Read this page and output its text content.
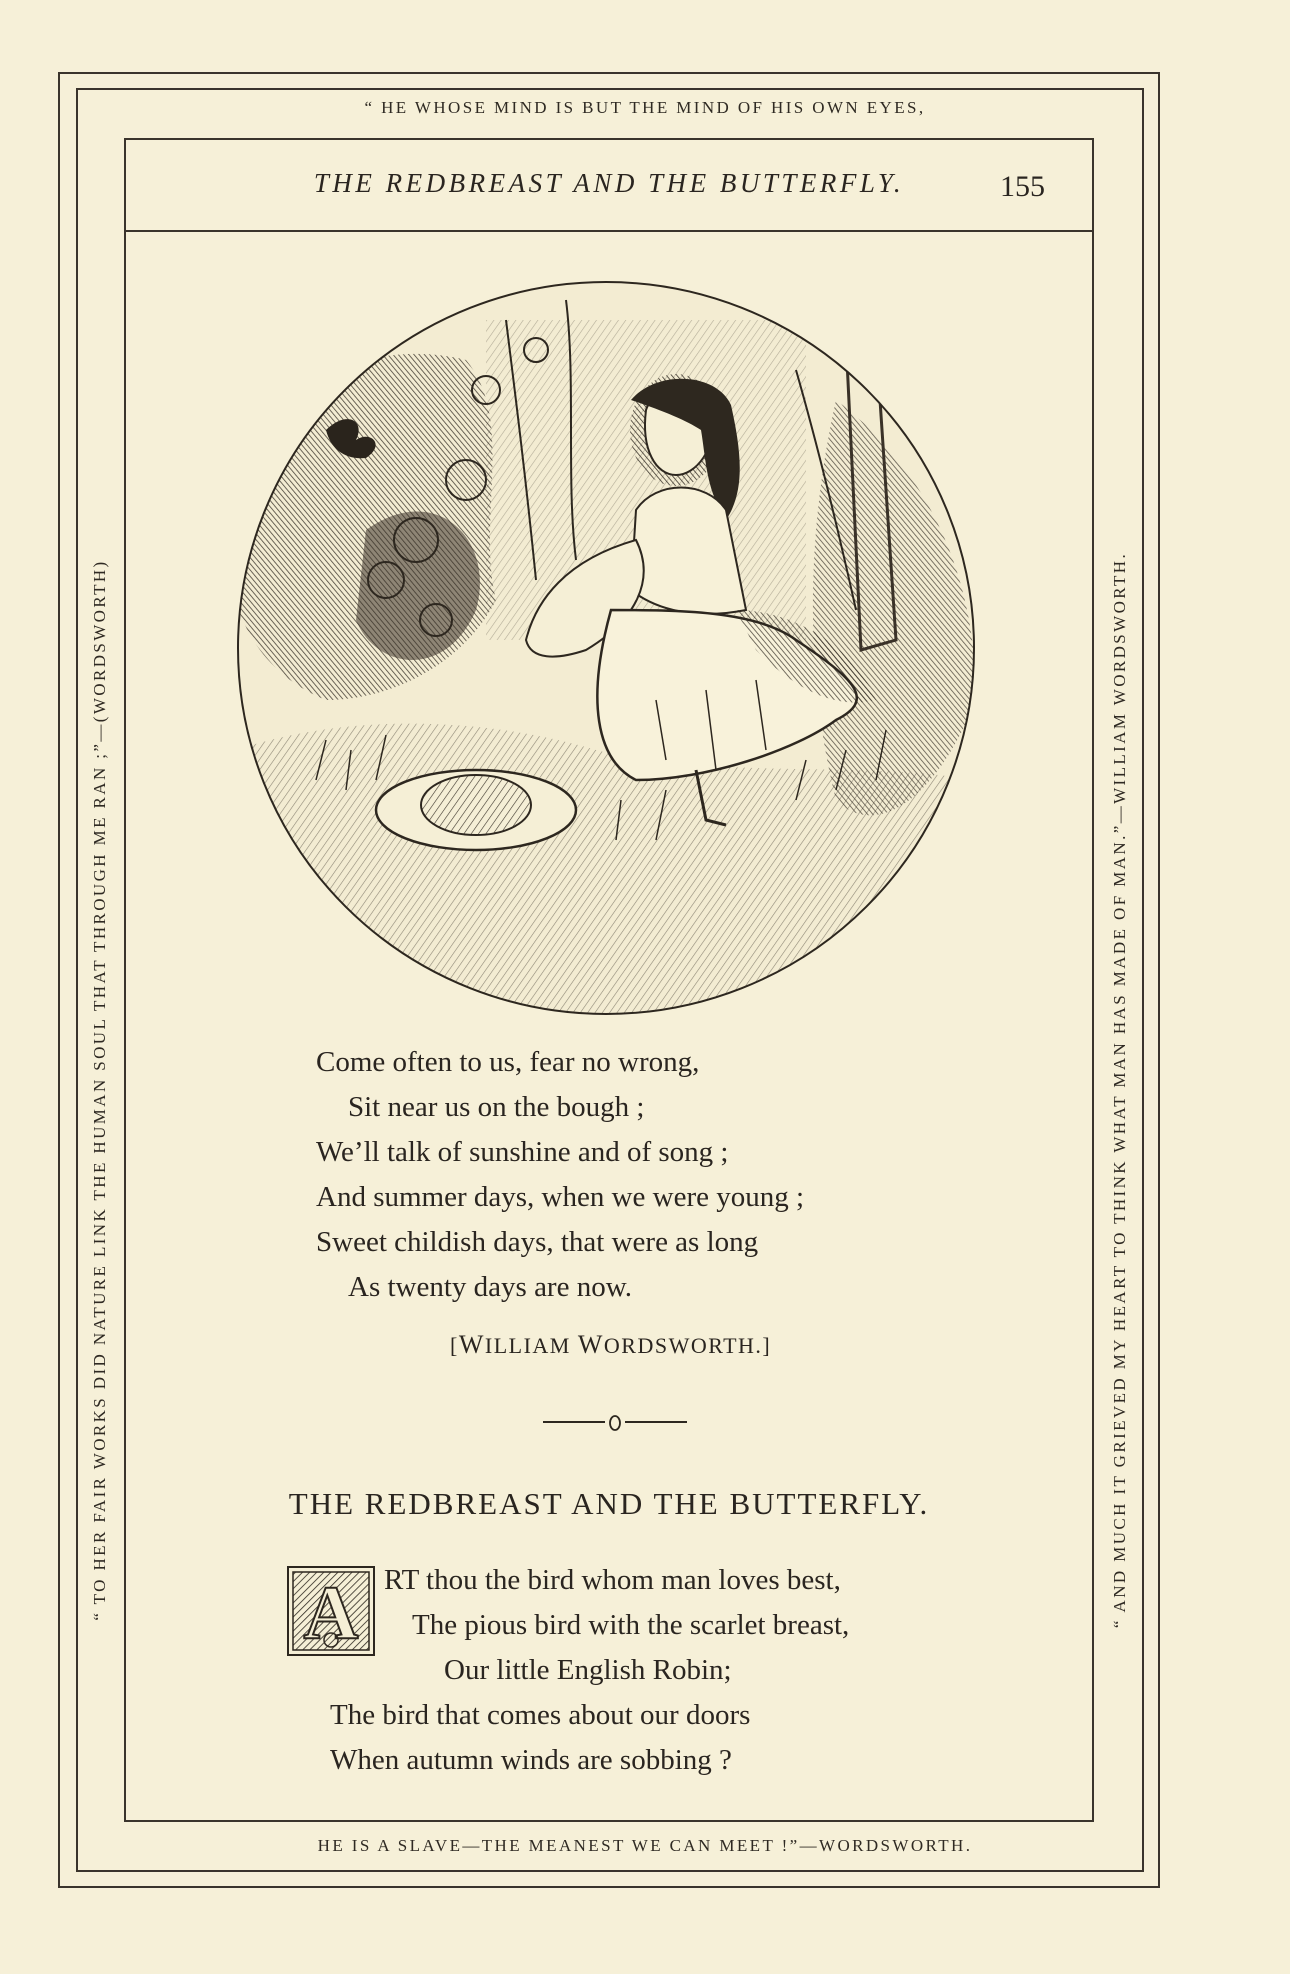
“ HE WHOSE MIND IS BUT THE MIND OF HIS OWN EYES,
HE IS A SLAVE—THE MEANEST WE CAN MEET !”—WORDSWORTH.
“ TO HER FAIR WORKS DID NATURE LINK THE HUMAN SOUL THAT THROUGH ME RAN ;”—(WORDSWORTH)	“ AND MUCH IT GRIEVED MY HEART TO THINK WHAT MAN HAS MADE OF MAN.”—WILLIAM WORDSWORTH.
THE REDBREAST AND THE BUTTERFLY.	155
Come often to us, fear no wrong,
Sit near us on the bough ;
We’ll talk of sunshine and of song ;
And summer days, when we were young ;
Sweet childish days, that were as long
As twenty days are now.
[WILLIAM WORDSWORTH.]
THE REDBREAST AND THE BUTTERFLY.
A RT thou the bird whom man loves best,
The pious bird with the scarlet breast,
Our little English Robin;
The bird that comes about our doors
When autumn winds are sobbing ?
